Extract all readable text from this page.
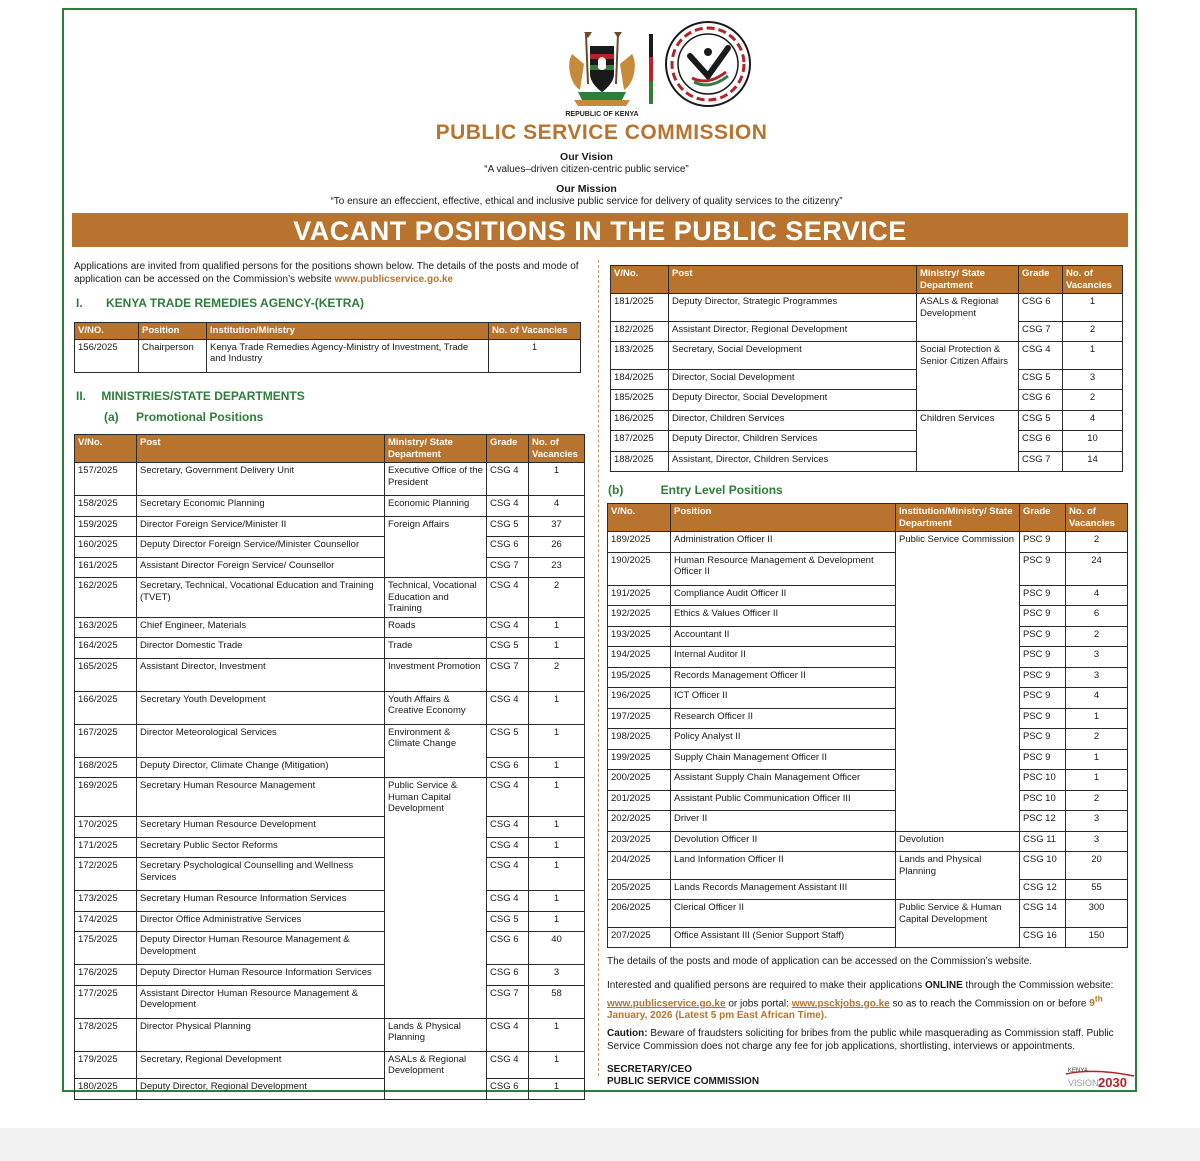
REPUBLIC OF KENYA
PUBLIC SERVICE COMMISSION
Our Vision
“A values–driven citizen-centric public service”
Our Mission
“To ensure an effeccient, effective, ethical and inclusive public service for delivery of quality services to the citizenry”
VACANT POSITIONS IN THE PUBLIC SERVICE
Applications are invited from qualified persons for the positions shown below. The details of the posts and mode of application can be accessed on the Commission’s website www.publicservice.go.ke
I. KENYA TRADE REMEDIES AGENCY-(KETRA)
V/NO.	Position	Institution/Ministry	No. of Vacancies
156/2025	Chairperson	Kenya Trade Remedies Agency-Ministry of Investment, Trade and Industry	1
II. MINISTRIES/STATE DEPARTMENTS
(a) Promotional Positions
V/No.	Post	Ministry/ State Department	Grade	No. of Vacancies
157/2025	Secretary, Government Delivery Unit	Executive Office of the President	CSG 4	1
158/2025	Secretary Economic Planning	Economic Planning	CSG 4	4
159/2025	Director Foreign Service/Minister II	Foreign Affairs	CSG 5	37
160/2025	Deputy Director Foreign Service/Minister Counsellor		CSG 6	26
161/2025	Assistant Director Foreign Service/ Counsellor		CSG 7	23
162/2025	Secretary, Technical, Vocational Education and Training (TVET)	Technical, Vocational Education and Training	CSG 4	2
163/2025	Chief Engineer, Materials	Roads	CSG 4	1
164/2025	Director Domestic Trade	Trade	CSG 5	1
165/2025	Assistant Director, Investment	Investment Promotion	CSG 7	2
166/2025	Secretary Youth Development	Youth Affairs & Creative Economy	CSG 4	1
167/2025	Director Meteorological Services	Environment & Climate Change	CSG 5	1
168/2025	Deputy Director, Climate Change (Mitigation)		CSG 6	1
169/2025	Secretary Human Resource Management	Public Service & Human Capital Development	CSG 4	1
170/2025	Secretary Human Resource Development		CSG 4	1
171/2025	Secretary Public Sector Reforms		CSG 4	1
172/2025	Secretary Psychological Counselling and Wellness Services		CSG 4	1
173/2025	Secretary Human Resource Information Services		CSG 4	1
174/2025	Director Office Administrative Services		CSG 5	1
175/2025	Deputy Director Human Resource Management & Development		CSG 6	40
176/2025	Deputy Director Human Resource Information Services		CSG 6	3
177/2025	Assistant Director Human Resource Management & Development		CSG 7	58
178/2025	Director Physical Planning	Lands & Physical Planning	CSG 4	1
179/2025	Secretary, Regional Development	ASALs & Regional Development	CSG 4	1
180/2025	Deputy Director, Regional Development		CSG 6	1
V/No.	Post	Ministry/ State Department	Grade	No. of Vacancies
181/2025	Deputy Director, Strategic Programmes	ASALs & Regional Development	CSG 6	1
182/2025	Assistant Director, Regional Development		CSG 7	2
183/2025	Secretary, Social Development	Social Protection & Senior Citizen Affairs	CSG 4	1
184/2025	Director, Social Development		CSG 5	3
185/2025	Deputy Director, Social Development		CSG 6	2
186/2025	Director, Children Services	Children Services	CSG 5	4
187/2025	Deputy Director, Children Services		CSG 6	10
188/2025	Assistant, Director, Children Services		CSG 7	14
(b)	Entry Level Positions
V/No.	Position	Institution/Ministry/ State Department	Grade	No. of Vacancies
189/2025	Administration Officer II	Public Service Commission	PSC 9	2
190/2025	Human Resource Management & Development Officer II		PSC 9	24
191/2025	Compliance Audit Officer II		PSC 9	4
192/2025	Ethics & Values Officer II		PSC 9	6
193/2025	Accountant II		PSC 9	2
194/2025	Internal Auditor II		PSC 9	3
195/2025	Records Management Officer II		PSC 9	3
196/2025	ICT Officer II		PSC 9	4
197/2025	Research Officer II		PSC 9	1
198/2025	Policy Analyst II		PSC 9	2
199/2025	Supply Chain Management Officer II		PSC 9	1
200/2025	Assistant Supply Chain Management Officer		PSC 10	1
201/2025	Assistant Public Communication Officer III		PSC 10	2
202/2025	Driver II		PSC 12	3
203/2025	Devolution Officer II	Devolution	CSG 11	3
204/2025	Land Information Officer II	Lands and Physical Planning	CSG 10	20
205/2025	Lands Records Management Assistant III		CSG 12	55
206/2025	Clerical Officer II	Public Service & Human Capital Development	CSG 14	300
207/2025	Office Assistant III (Senior Support Staff)		CSG 16	150
The details of the posts and mode of application can be accessed on the Commission’s website.
Interested and qualified persons are required to make their applications ONLINE through the Commission website: www.publicservice.go.ke or jobs portal: www.psckjobs.go.ke so as to reach the Commission on or before 9th January, 2026 (Latest 5 pm East African Time).
Caution: Beware of fraudsters soliciting for bribes from the public while masquerading as Commission staff. Public Service Commission does not charge any fee for job applications, shortlisting, interviews or appointments.
SECRETARY/CEO
PUBLIC SERVICE COMMISSION
KENYA
VISION 2030
